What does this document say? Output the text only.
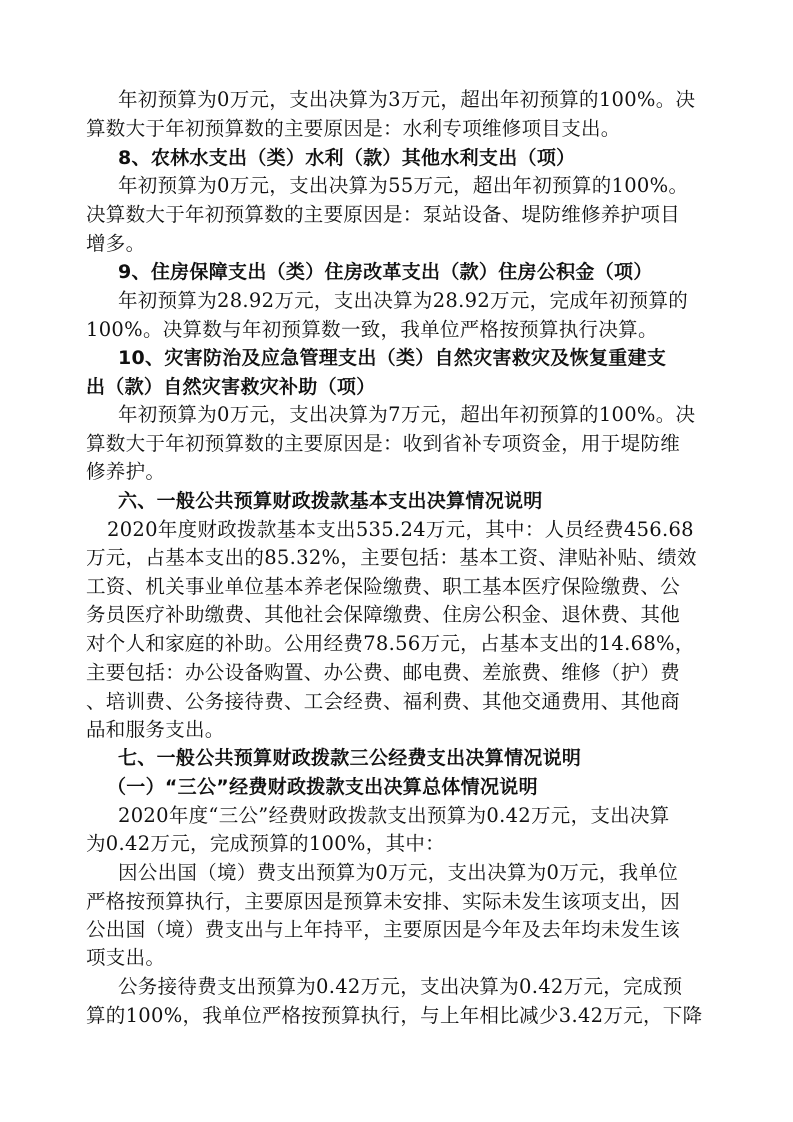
年初预算为0万元，支出决算为3万元，超出年初预算的100%。决
算数大于年初预算数的主要原因是：水利专项维修项目支出。
8、农林水支出（类）水利（款）其他水利支出（项）
年初预算为0万元，支出决算为55万元，超出年初预算的100%。
决算数大于年初预算数的主要原因是：泵站设备、堤防维修养护项目
增多。
9、住房保障支出（类）住房改革支出（款）住房公积金（项）
年初预算为28.92万元，支出决算为28.92万元，完成年初预算的
100%。决算数与年初预算数一致，我单位严格按预算执行决算。
10、灾害防治及应急管理支出（类）自然灾害救灾及恢复重建支
出（款）自然灾害救灾补助（项）
年初预算为0万元，支出决算为7万元，超出年初预算的100%。决
算数大于年初预算数的主要原因是：收到省补专项资金，用于堤防维
修养护。
六、一般公共预算财政拨款基本支出决算情况说明
2020年度财政拨款基本支出535.24万元，其中：人员经费456.68
万元，占基本支出的85.32%，主要包括：基本工资、津贴补贴、绩效
工资、机关事业单位基本养老保险缴费、职工基本医疗保险缴费、公
务员医疗补助缴费、其他社会保障缴费、住房公积金、退休费、其他
对个人和家庭的补助。公用经费78.56万元，占基本支出的14.68%，
主要包括：办公设备购置、办公费、邮电费、差旅费、维修（护）费
、培训费、公务接待费、工会经费、福利费、其他交通费用、其他商
品和服务支出。
七、一般公共预算财政拨款三公经费支出决算情况说明
（一）“三公”经费财政拨款支出决算总体情况说明
2020年度“三公”经费财政拨款支出预算为0.42万元，支出决算
为0.42万元，完成预算的100%，其中：
因公出国（境）费支出预算为0万元，支出决算为0万元，我单位
严格按预算执行，主要原因是预算未安排、实际未发生该项支出，因
公出国（境）费支出与上年持平，主要原因是今年及去年均未发生该
项支出。
公务接待费支出预算为0.42万元，支出决算为0.42万元，完成预
算的100%，我单位严格按预算执行，与上年相比减少3.42万元，下降
